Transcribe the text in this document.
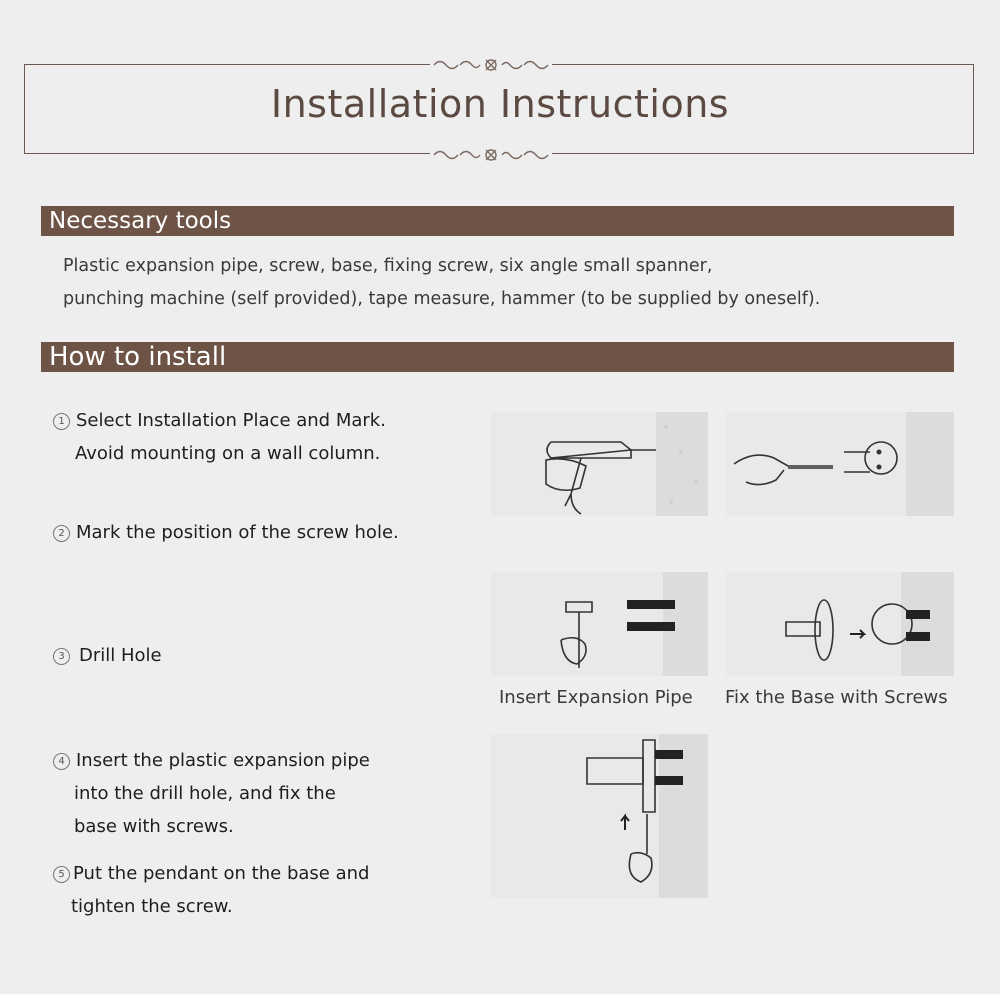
Installation Instructions
Necessary tools
Plastic expansion pipe, screw, base, fixing screw, six angle small spanner,
punching machine (self provided), tape measure, hammer (to be supplied by oneself).
How to install
1 Select Installation Place and Mark.
Avoid mounting on a wall column.
2 Mark the position of the screw hole.
3 Drill Hole
4 Insert the plastic expansion pipe
into the drill hole, and fix the
base with screws.
5 Put the pendant on the base and
tighten the screw.
Insert Expansion Pipe Fix the Base with Screws
